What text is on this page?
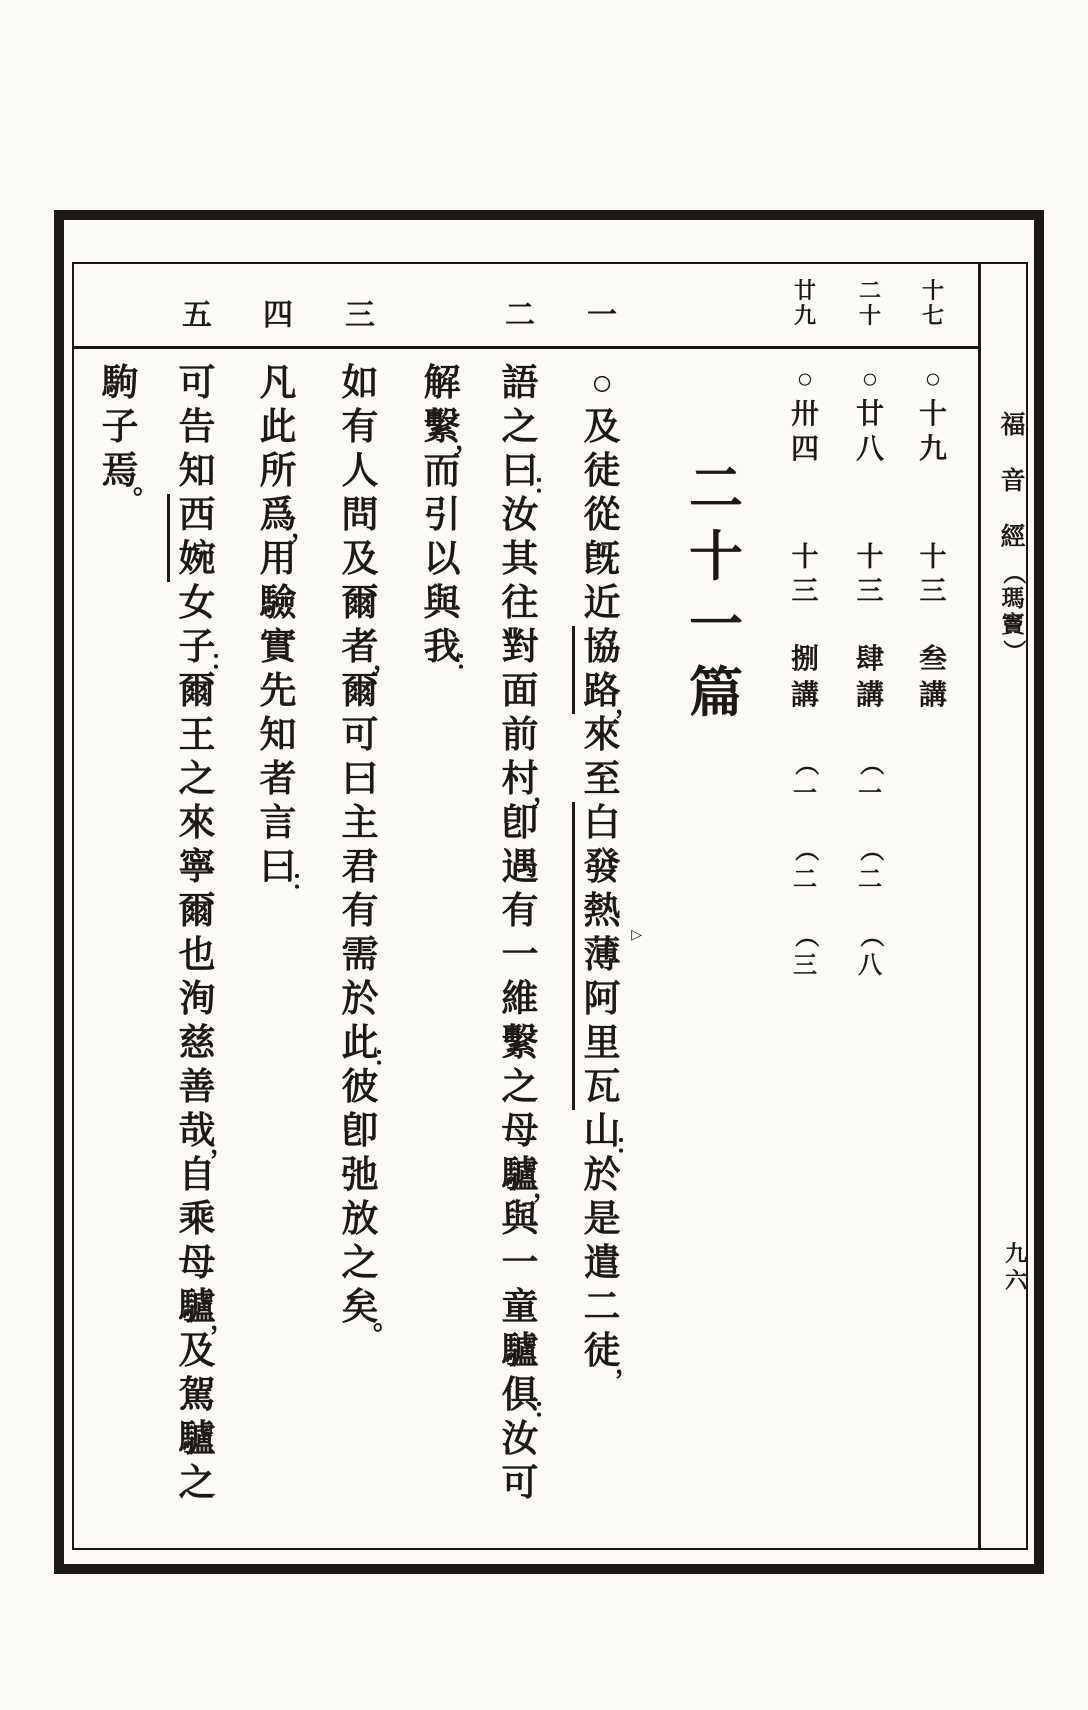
福
音
經
（
瑪
竇
）
九
六
十
七
○
十
九
十
三
叁
講
二
十
○
廿
八
十
三
肆
講
（
一
（
二
（
八
廿
九
○
卅
四
十
三
捌
講
（
一
（
二
（
三
二
十
一
篇
一
二
三
四
五
○
及
徒
從
旣
近
協
路
，
來
至
白
發
熱
▷
薄
阿
里
瓦
山
：
於
是
遣
二
徒
，
語
之
曰
：
汝
其
往
對
面
前
村
，
卽
遇
有
一
維
繫
之
母
驢
，
與
一
童
驢
俱
：
汝
可
解
繫
，
而
引
以
與
我
：
如
有
人
問
及
爾
者
，
爾
可
曰
主
君
有
需
於
此
：
彼
卽
弛
放
之
矣
。
凡
此
所
爲
，
用
驗
實
先
知
者
言
曰
：
可
告
知
西
婉
女
子
：
爾
王
之
來
寧
爾
也
洵
慈
善
哉
，
自
乘
母
驢
，
及
駕
驢
之
駒
子
焉
。
